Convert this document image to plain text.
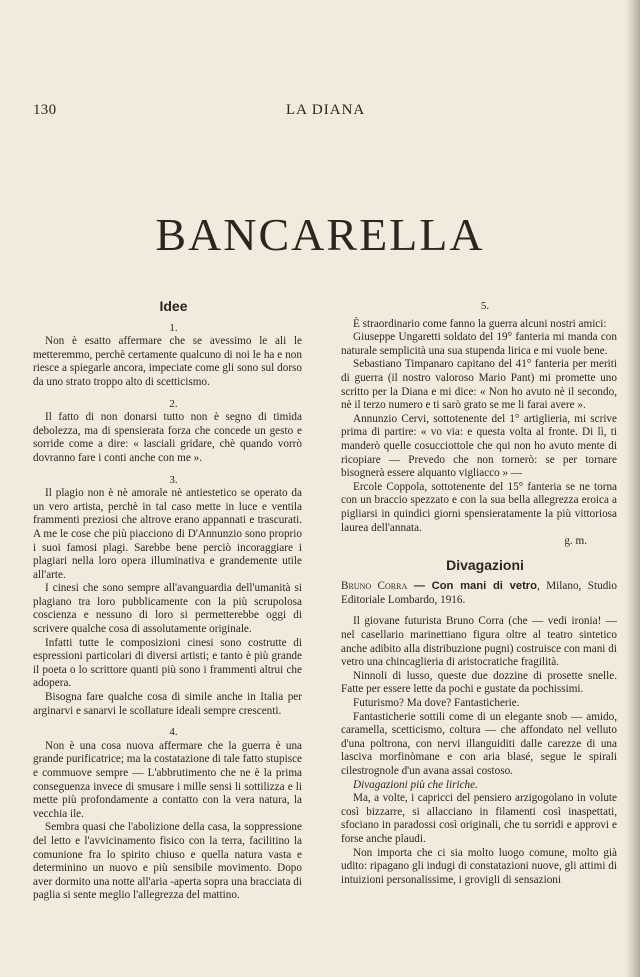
130	LA DIANA
BANCARELLA

Idee

1.

Non è esatto affermare che se avessimo le ali le metteremmo, perchè certamente qualcuno di noi le ha e non riesce a spiegarle ancora, impeciate come gli sono sul dorso da uno strato troppo alto di scetticismo.

2.

Il fatto di non donarsi tutto non è segno di timida debolezza, ma di spensierata forza che concede un gesto e sorride come a dire: « lasciali gridare, chè quando vorrò dovranno fare i conti anche con me ».

3.

Il plagio non è nè amorale nè antiestetico se operato da un vero artista, perchè in tal caso mette in luce e ventila frammenti preziosi che altrove erano appannati e trascurati. A me le cose che più piacciono di D'Annunzio sono proprio i suoi famosi plagi. Sarebbe bene perciò incoraggiare i plagiari nella loro opera illuminativa e grandemente utile all'arte.

I cinesi che sono sempre all'avanguardia dell'umanità si plagiano tra loro pubblicamente con la più scrupolosa coscienza e nessuno di loro si permetterebbe oggi di scrivere qualche cosa di assolutamente originale.

Infatti tutte le composizioni cinesi sono costrutte di espressioni particolari di diversi artisti; e tanto è più grande il poeta o lo scrittore quanti più sono i frammenti altrui che adopera.

Bisogna fare qualche cosa di simile anche in Italia per arginarvi e sanarvi le scollature ideali sempre crescenti.

4.

Non è una cosa nuova affermare che la guerra è una grande purificatrice; ma la costatazione di tale fatto stupisce e commuove sempre — L'abbrutimento che ne è la prima conseguenza invece di smusare i mille sensi li sottilizza e li mette più profondamente a contatto con la vera natura, la vecchia ile.

Sembra quasi che l'abolizione della casa, la soppressione del letto e l'avvicinamento fisico con la terra, facilitino la comunione fra lo spirito chiuso e quella natura vasta e determinino un nuovo e più sensibile movimento. Dopo aver dormito una notte all'aria -aperta sopra una bracciata di paglia si sente meglio l'allegrezza del mattino.

5.

È straordinario come fanno la guerra alcuni nostri amici:

Giuseppe Ungaretti soldato del 19° fanteria mi manda con naturale semplicità una sua stupenda lirica e mi vuole bene.

Sebastiano Timpanaro capitano del 41° fanteria per meriti di guerra (il nostro valoroso Mario Pant) mi promette uno scritto per la Diana e mi dice: « Non ho avuto nè il secondo, nè il terzo numero e ti sarò grato se me li farai avere ».

Annunzio Cervi, sottotenente del 1° artiglieria, mi scrive prima di partire: « vo via: e questa volta al fronte. Di lì, ti manderò quelle cosucciottole che qui non ho avuto mente di ricopiare — Prevedo che non tornerò: se per tornare bisognerà essere alquanto vigliacco » —

Ercole Coppola, sottotenente del 15° fanteria se ne torna con un braccio spezzato e con la sua bella allegrezza eroica a pigliarsi in quindici giorni spensieratamente la più vittoriosa laurea dell'annata.

g. m.

Divagazioni

Bruno Corra — Con mani di vetro, Milano, Studio Editoriale Lombardo, 1916.

Il giovane futurista Bruno Corra (che — vedi ironia! — nel casellario marinettiano figura oltre al teatro sintetico anche adibito alla distribuzione pugni) costruisce con mani di vetro una chincaglieria di aristocratiche fragilità.

Ninnoli di lusso, queste due dozzine di prosette snelle. Fatte per essere lette da pochi e gustate da pochissimi.

Futurismo? Ma dove? Fantasticherie.

Fantasticherie sottili come di un elegante snob — amido, caramella, scetticismo, coltura — che affondato nel velluto d'una poltrona, con nervi illanguiditi dalle carezze di una lasciva morfinòmane e con aria blasé, segue le spirali cilestrognole d'un avana assai costoso.

Divagazioni più che liriche.

Ma, a volte, i capricci del pensiero arzigogolano in volute così bizzarre, si allacciano in filamenti così inaspettati, sfociano in paradossi così originali, che tu sorridi e approvi e forse anche plaudi.

Non importa che ci sia molto luogo comune, molto già udito: ripagano gli indugi di constatazioni nuove, gli attimi di intuizioni personalissime, i grovigli di sensazioni
